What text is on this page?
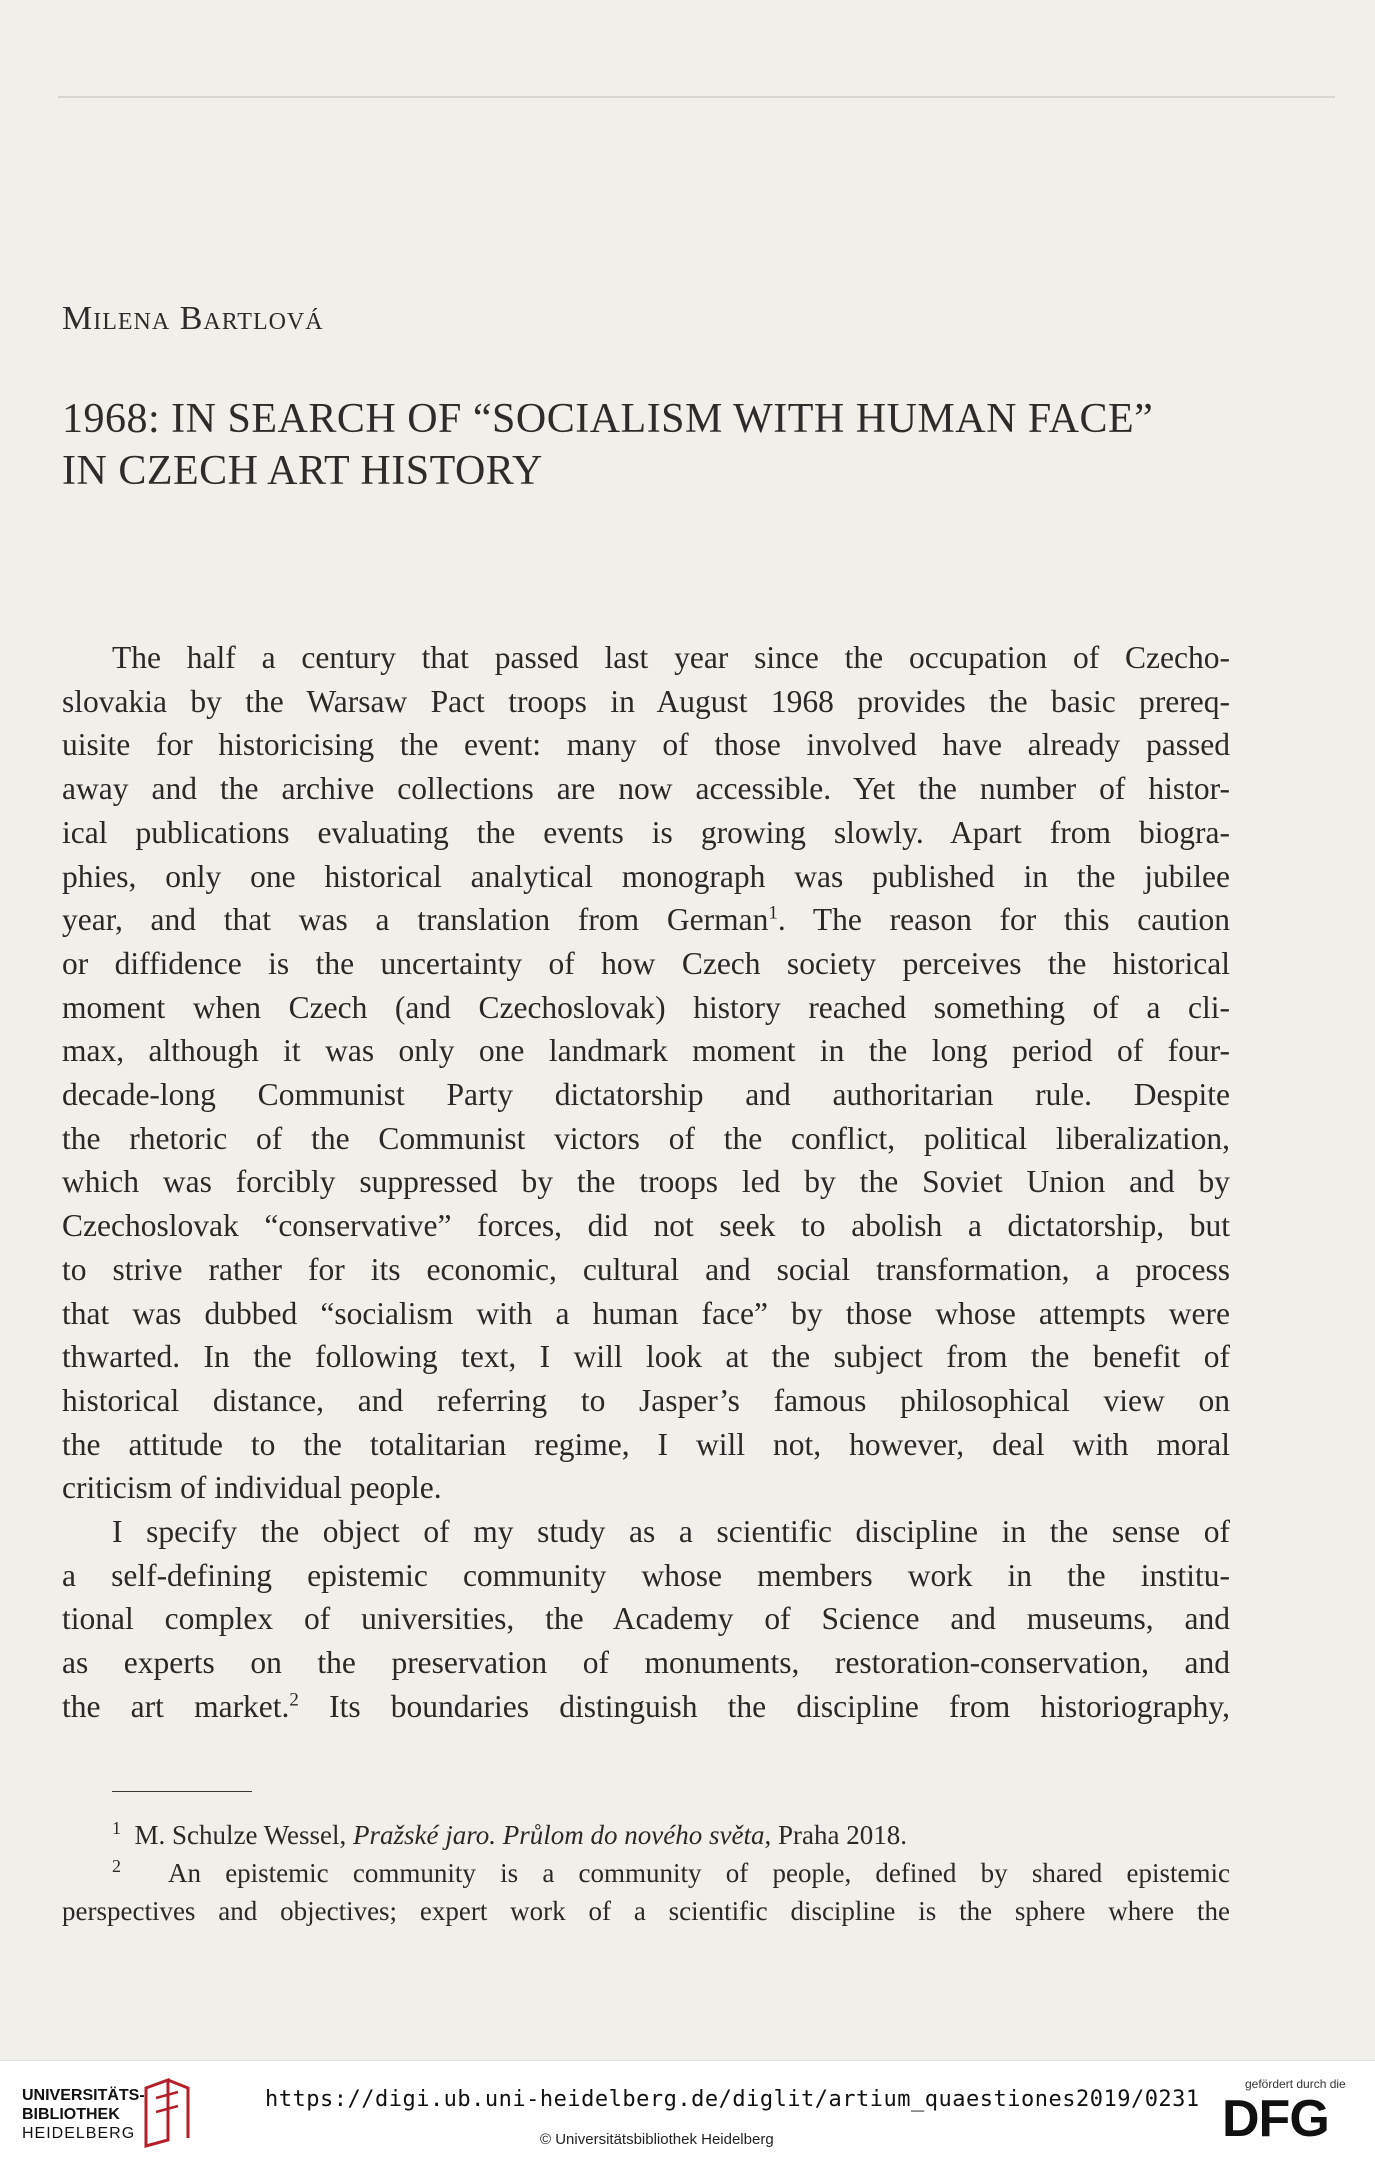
Milena Bartlová
1968: IN SEARCH OF “SOCIALISM WITH HUMAN FACE”
IN CZECH ART HISTORY
The half a century that passed last year since the occupation of Czecho-
slovakia by the Warsaw Pact troops in August 1968 provides the basic prereq-
uisite for historicising the event: many of those involved have already passed
away and the archive collections are now accessible. Yet the number of histor-
ical publications evaluating the events is growing slowly. Apart from biogra-
phies, only one historical analytical monograph was published in the jubilee
year, and that was a translation from German$^1$. The reason for this caution
or diffidence is the uncertainty of how Czech society perceives the historical
moment when Czech (and Czechoslovak) history reached something of a cli-
max, although it was only one landmark moment in the long period of four-
decade-long Communist Party dictatorship and authoritarian rule. Despite
the rhetoric of the Communist victors of the conflict, political liberalization,
which was forcibly suppressed by the troops led by the Soviet Union and by
Czechoslovak “conservative” forces, did not seek to abolish a dictatorship, but
to strive rather for its economic, cultural and social transformation, a process
that was dubbed “socialism with a human face” by those whose attempts were
thwarted. In the following text, I will look at the subject from the benefit of
historical distance, and referring to Jasper’s famous philosophical view on
the attitude to the totalitarian regime, I will not, however, deal with moral
criticism of individual people.
I specify the object of my study as a scientific discipline in the sense of
a self-defining epistemic community whose members work in the institu-
tional complex of universities, the Academy of Science and museums, and
as experts on the preservation of monuments, restoration-conservation, and
the art market.$^2$ Its boundaries distinguish the discipline from historiography,
$^1$ M. Schulze Wessel, Pražské jaro. Průlom do nového světa, Praha 2018.
$^2$ An epistemic community is a community of people, defined by shared epistemic
perspectives and objectives; expert work of a scientific discipline is the sphere where the
UNIVERSITÄTS-
BIBLIOTHEK
HEIDELBERG
https://digi.ub.uni-heidelberg.de/diglit/artium_quaestiones2019/0231
© Universitätsbibliothek Heidelberg
gefördert durch die
DFG
